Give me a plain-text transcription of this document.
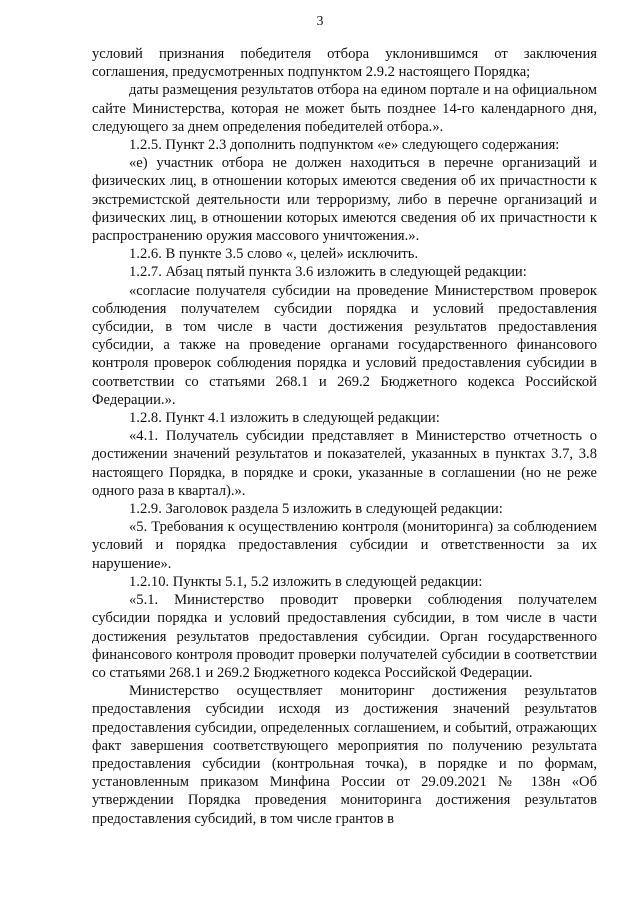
3

условий признания победителя отбора уклонившимся от заключения соглашения, предусмотренных подпунктом 2.9.2 настоящего Порядка;

даты размещения результатов отбора на едином портале и на официальном сайте Министерства, которая не может быть позднее 14-го календарного дня, следующего за днем определения победителей отбора.».

1.2.5. Пункт 2.3 дополнить подпунктом «е» следующего содержания:

«е) участник отбора не должен находиться в перечне организаций и физических лиц, в отношении которых имеются сведения об их причастности к экстремистской деятельности или терроризму, либо в перечне организаций и физических лиц, в отношении которых имеются сведения об их причастности к распространению оружия массового уничтожения.».

1.2.6. В пункте 3.5 слово «, целей» исключить.

1.2.7. Абзац пятый пункта 3.6 изложить в следующей редакции:

«согласие получателя субсидии на проведение Министерством проверок соблюдения получателем субсидии порядка и условий предоставления субсидии, в том числе в части достижения результатов предоставления субсидии, а также на проведение органами государственного финансового контроля проверок соблюдения порядка и условий предоставления субсидии в соответствии со статьями 268.1 и 269.2 Бюджетного кодекса Российской Федерации.».

1.2.8. Пункт 4.1 изложить в следующей редакции:

«4.1. Получатель субсидии представляет в Министерство отчетность о достижении значений результатов и показателей, указанных в пунктах 3.7, 3.8 настоящего Порядка, в порядке и сроки, указанные в соглашении (но не реже одного раза в квартал).».

1.2.9. Заголовок раздела 5 изложить в следующей редакции:

«5. Требования к осуществлению контроля (мониторинга) за соблюдением условий и порядка предоставления субсидии и ответственности за их нарушение».

1.2.10. Пункты 5.1, 5.2 изложить в следующей редакции:

«5.1. Министерство проводит проверки соблюдения получателем субсидии порядка и условий предоставления субсидии, в том числе в части достижения результатов предоставления субсидии. Орган государственного финансового контроля проводит проверки получателей субсидии в соответствии со статьями 268.1 и 269.2 Бюджетного кодекса Российской Федерации.

Министерство осуществляет мониторинг достижения результатов предоставления субсидии исходя из достижения значений результатов предоставления субсидии, определенных соглашением, и событий, отражающих факт завершения соответствующего мероприятия по получению результата предоставления субсидии (контрольная точка), в порядке и по формам, установленным приказом Минфина России от 29.09.2021 № 138н «Об утверждении Порядка проведения мониторинга достижения результатов предоставления субсидий, в том числе грантов в
